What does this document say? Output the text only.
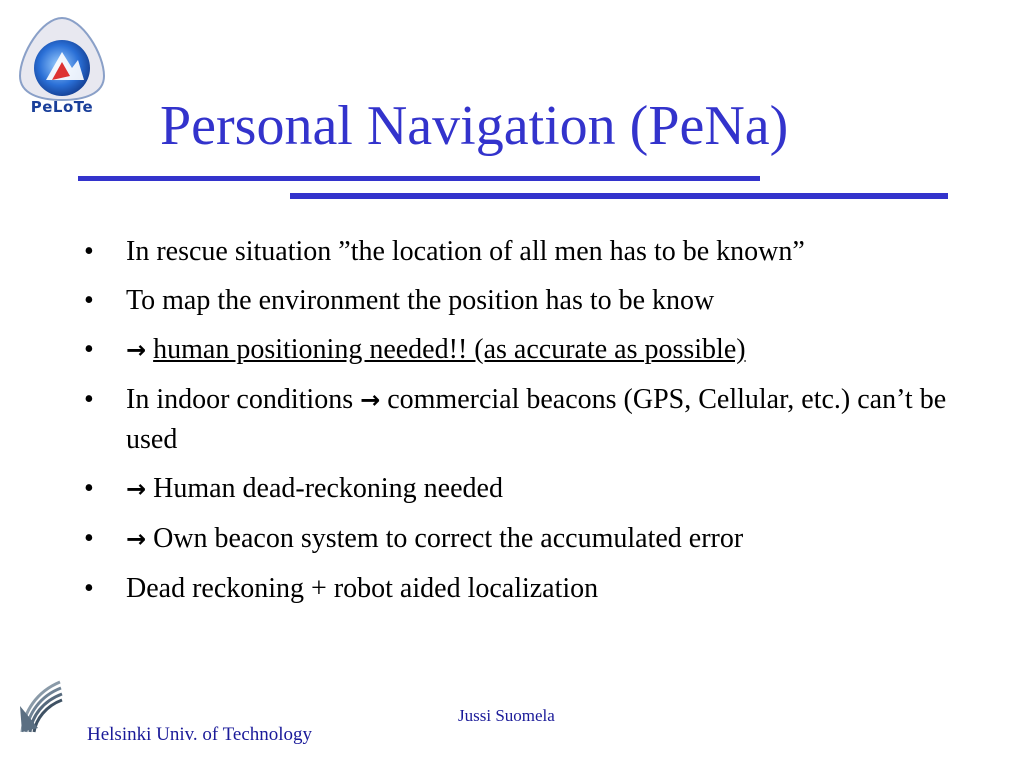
PeLoTe	Personal Navigation (PeNa)
•	In rescue situation ”the location of all men has to be known”
•	To map the environment the position has to be know
•	→ human positioning needed!! (as accurate as possible)
•	In indoor conditions → commercial beacons (GPS, Cellular, etc.) can’t be used
•	→ Human dead-reckoning needed
•	→ Own beacon system to correct the accumulated error
•	Dead reckoning + robot aided localization
Helsinki Univ. of Technology
Jussi Suomela
